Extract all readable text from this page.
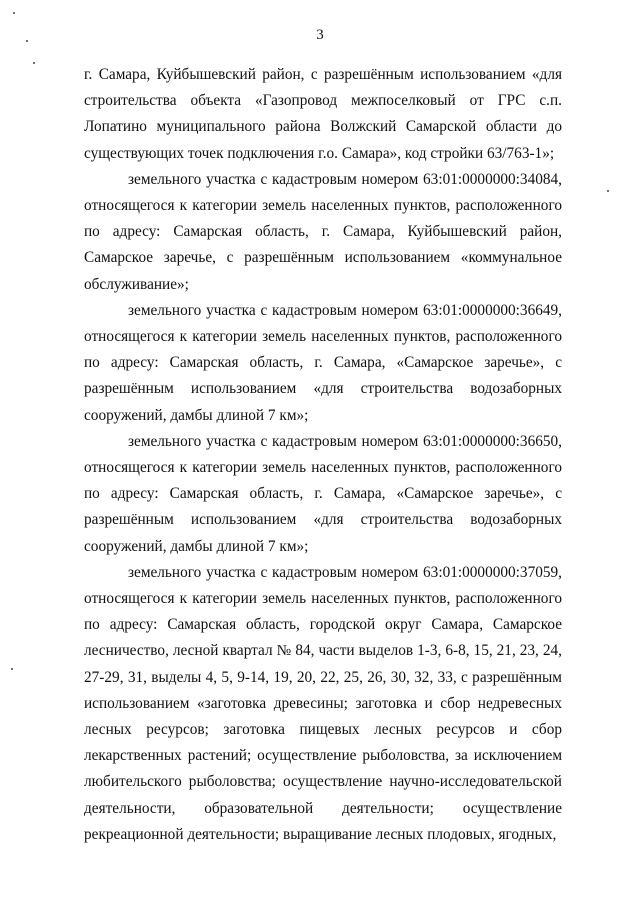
3

г. Самара, Куйбышевский район, с разрешённым использованием «для строительства объекта «Газопровод межпоселковый от ГРС с.п. Лопатино муниципального района Волжский Самарской области до существующих точек подключения г.о. Самара», код стройки 63/763-1»;

земельного участка с кадастровым номером 63:01:0000000:34084, относящегося к категории земель населенных пунктов, расположенного по адресу: Самарская область, г. Самара, Куйбышевский район, Самарское заречье, с разрешённым использованием «коммунальное обслуживание»;

земельного участка с кадастровым номером 63:01:0000000:36649, относящегося к категории земель населенных пунктов, расположенного по адресу: Самарская область, г. Самара, «Самарское заречье», с разрешённым использованием «для строительства водозаборных сооружений, дамбы длиной 7 км»;

земельного участка с кадастровым номером 63:01:0000000:36650, относящегося к категории земель населенных пунктов, расположенного по адресу: Самарская область, г. Самара, «Самарское заречье», с разрешённым использованием «для строительства водозаборных сооружений, дамбы длиной 7 км»;

земельного участка с кадастровым номером 63:01:0000000:37059, относящегося к категории земель населенных пунктов, расположенного по адресу: Самарская область, городской округ Самара, Самарское лесничество, лесной квартал № 84, части выделов 1-3, 6-8, 15, 21, 23, 24, 27-29, 31, выделы 4, 5, 9-14, 19, 20, 22, 25, 26, 30, 32, 33, с разрешённым использованием «заготовка древесины; заготовка и сбор недревесных лесных ресурсов; заготовка пищевых лесных ресурсов и сбор лекарственных растений; осуществление рыболовства, за исключением любительского рыболовства; осуществление научно-исследовательской деятельности, образовательной деятельности; осуществление рекреационной деятельности; выращивание лесных плодовых, ягодных,
